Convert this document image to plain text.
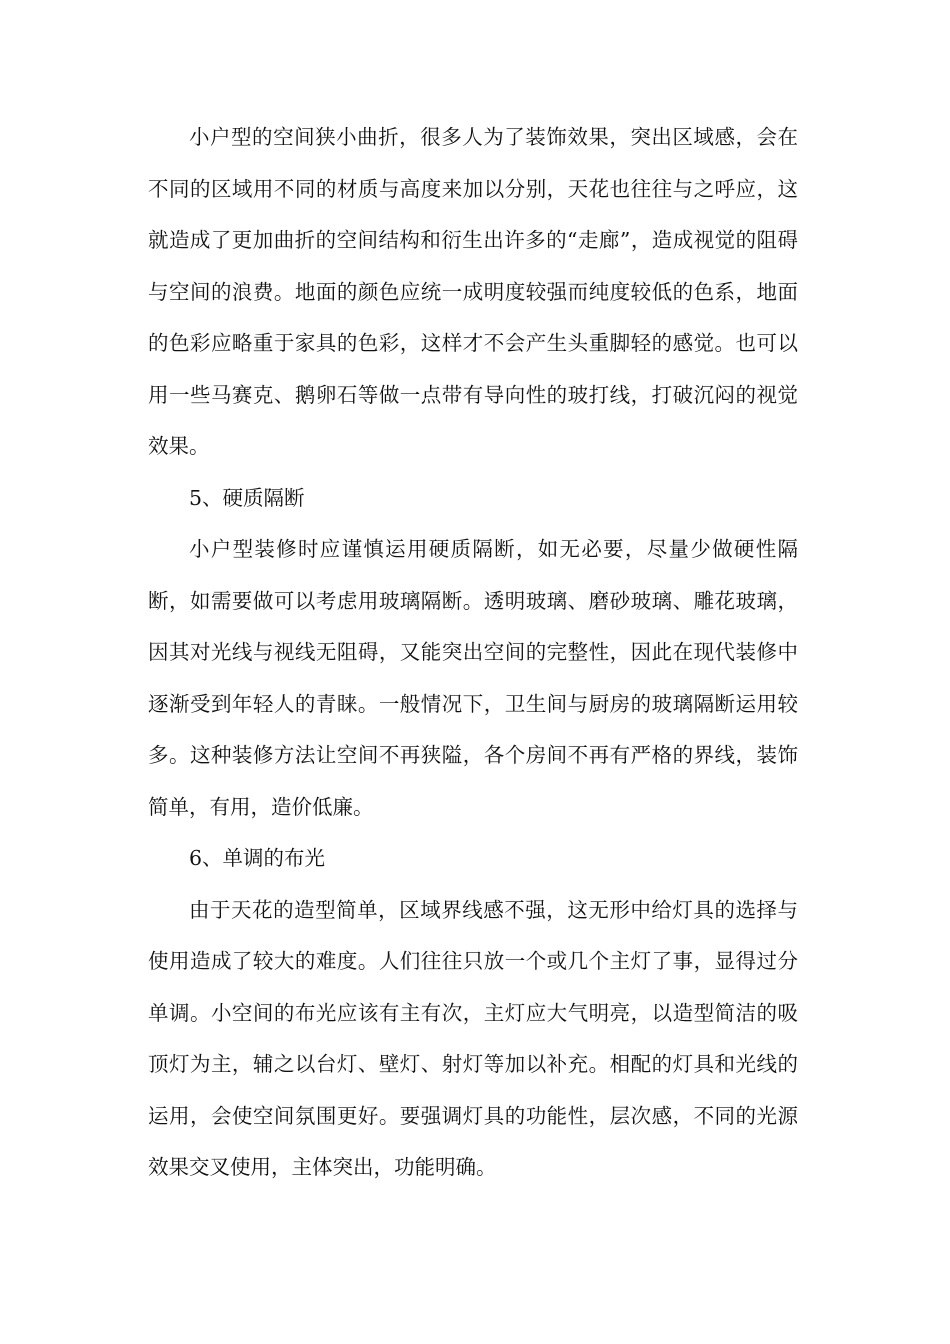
小户型的空间狭小曲折，很多人为了装饰效果，突出区域感，会在不同的区域用不同的材质与高度来加以分别，天花也往往与之呼应，这就造成了更加曲折的空间结构和衍生出许多的“走廊”，造成视觉的阻碍与空间的浪费。地面的颜色应统一成明度较强而纯度较低的色系，地面的色彩应略重于家具的色彩，这样才不会产生头重脚轻的感觉。也可以用一些马赛克、鹅卵石等做一点带有导向性的玻打线，打破沉闷的视觉效果。

5、硬质隔断

小户型装修时应谨慎运用硬质隔断，如无必要，尽量少做硬性隔断，如需要做可以考虑用玻璃隔断。透明玻璃、磨砂玻璃、雕花玻璃，因其对光线与视线无阻碍，又能突出空间的完整性，因此在现代装修中逐渐受到年轻人的青睐。一般情况下，卫生间与厨房的玻璃隔断运用较多。这种装修方法让空间不再狭隘，各个房间不再有严格的界线，装饰简单，有用，造价低廉。

6、单调的布光

由于天花的造型简单，区域界线感不强，这无形中给灯具的选择与使用造成了较大的难度。人们往往只放一个或几个主灯了事，显得过分单调。小空间的布光应该有主有次，主灯应大气明亮，以造型简洁的吸顶灯为主，辅之以台灯、壁灯、射灯等加以补充。相配的灯具和光线的运用，会使空间氛围更好。要强调灯具的功能性，层次感，不同的光源效果交叉使用，主体突出，功能明确。
